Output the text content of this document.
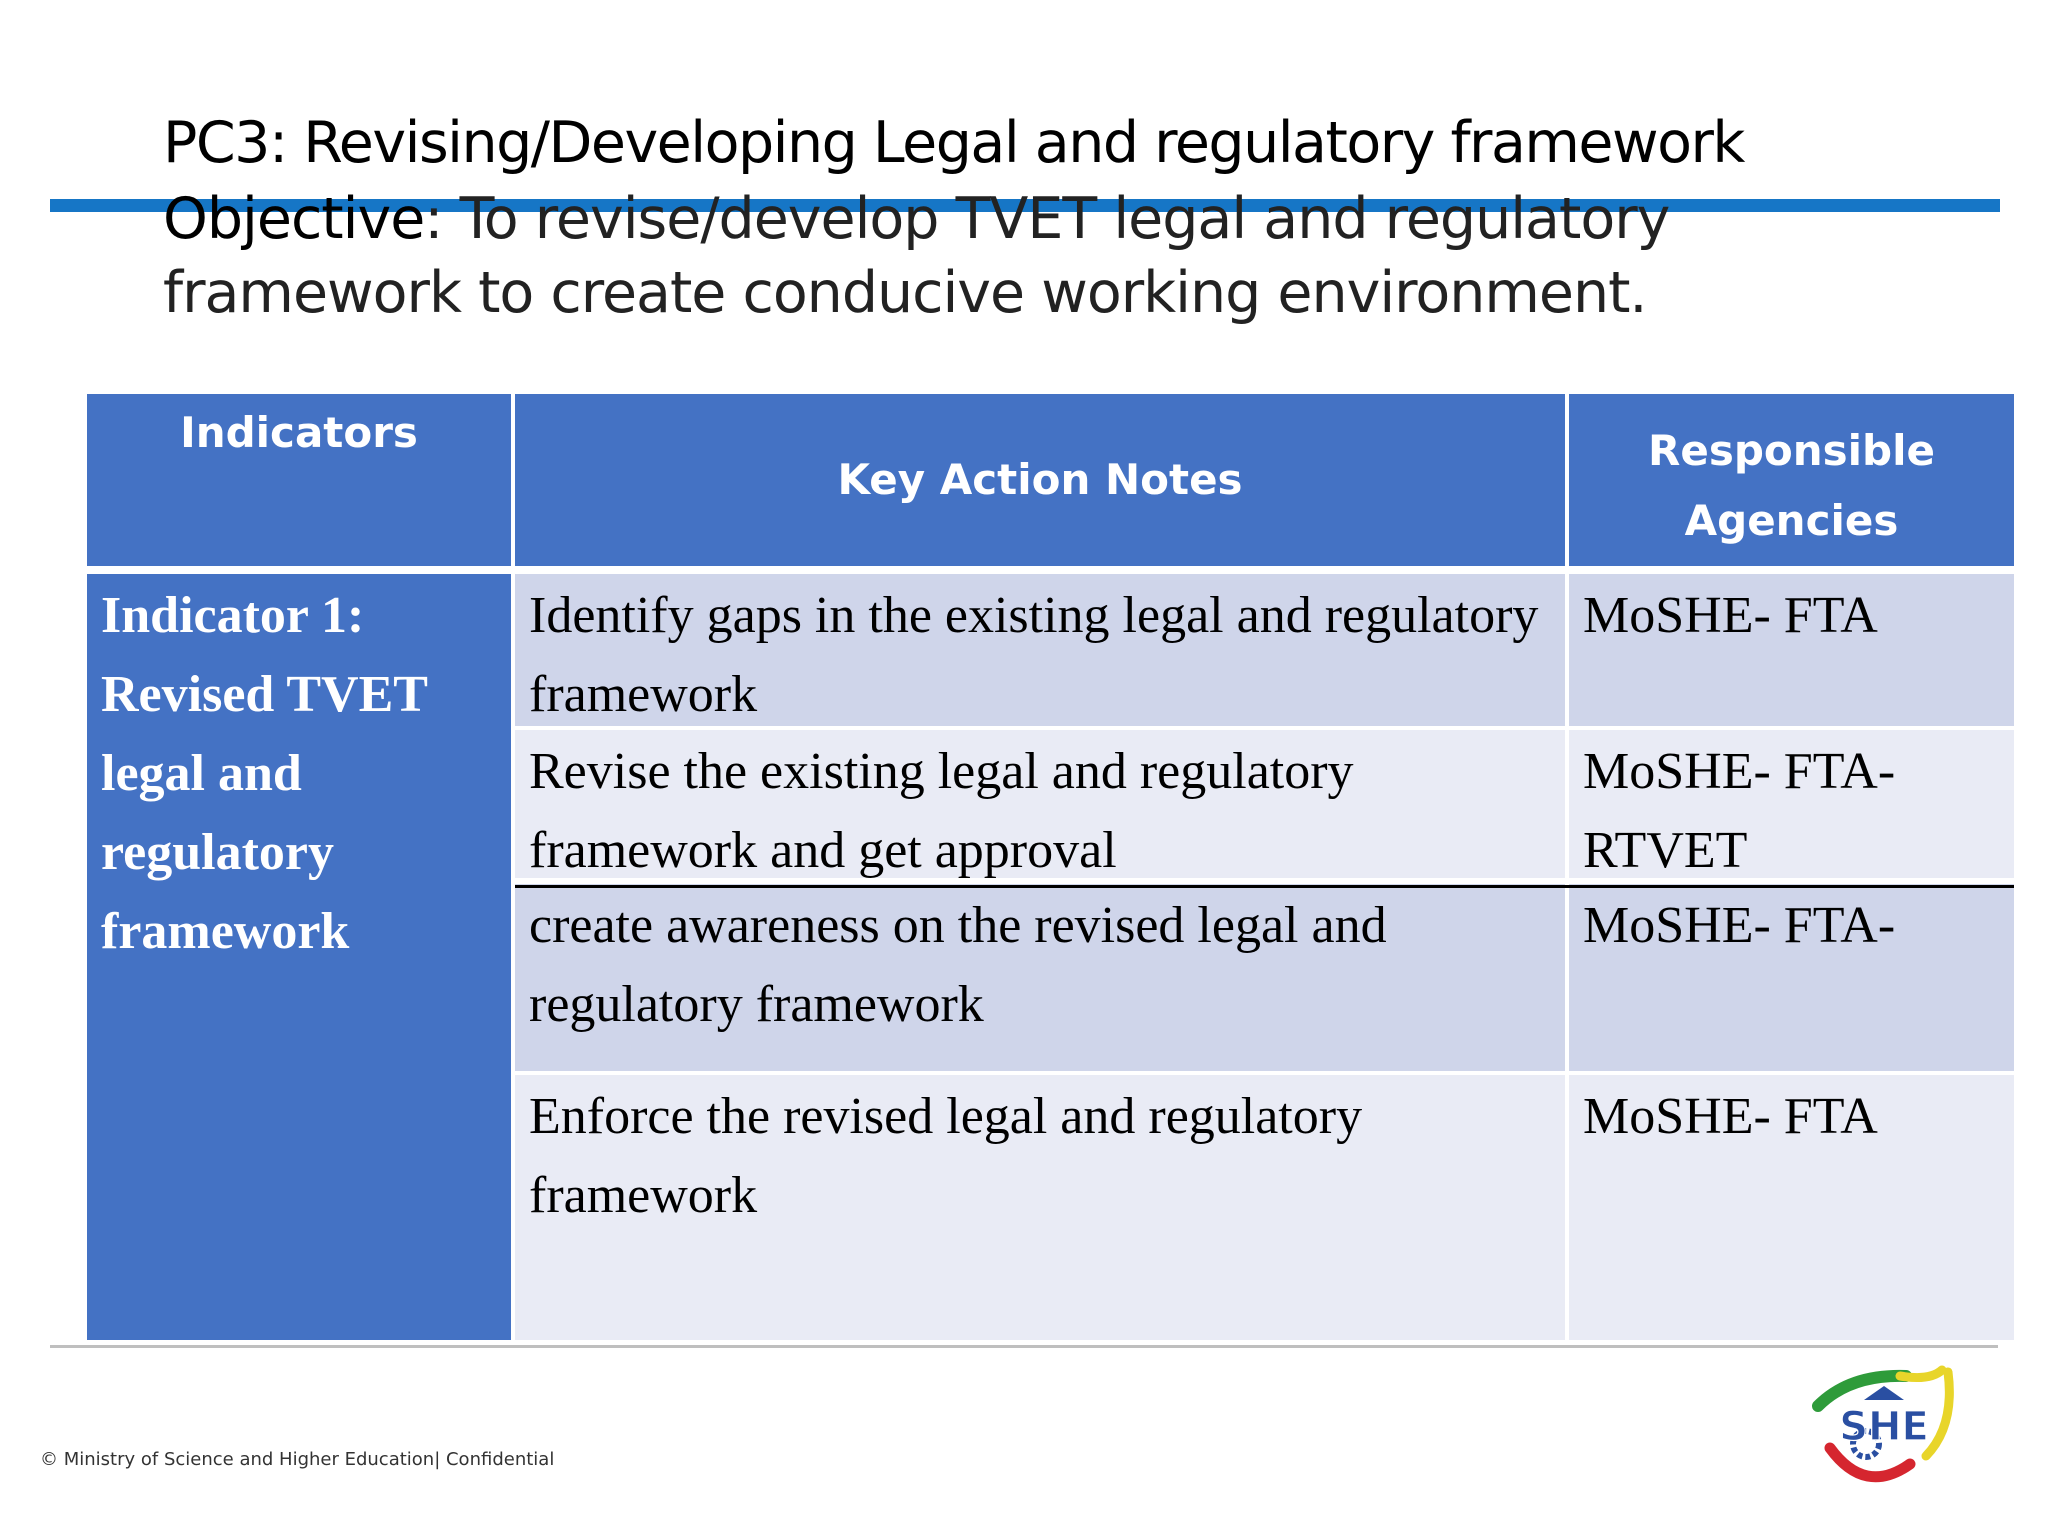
PC3: Revising/Developing Legal and regulatory framework
Objective: To revise/develop TVET legal and regulatory framework to create conducive working environment.
Indicators
Key Action Notes
Responsible
Agencies
Indicator 1: Revised TVET legal and regulatory framework
Identify gaps in the existing legal and regulatory framework
MoSHE- FTA
Revise the existing legal and regulatory framework and get approval
MoSHE- FTA-RTVET
create awareness on the revised legal and regulatory framework
MoSHE- FTA-
Enforce the revised legal and regulatory framework
MoSHE- FTA
© Ministry of Science and Higher Education| Confidential
SHE
